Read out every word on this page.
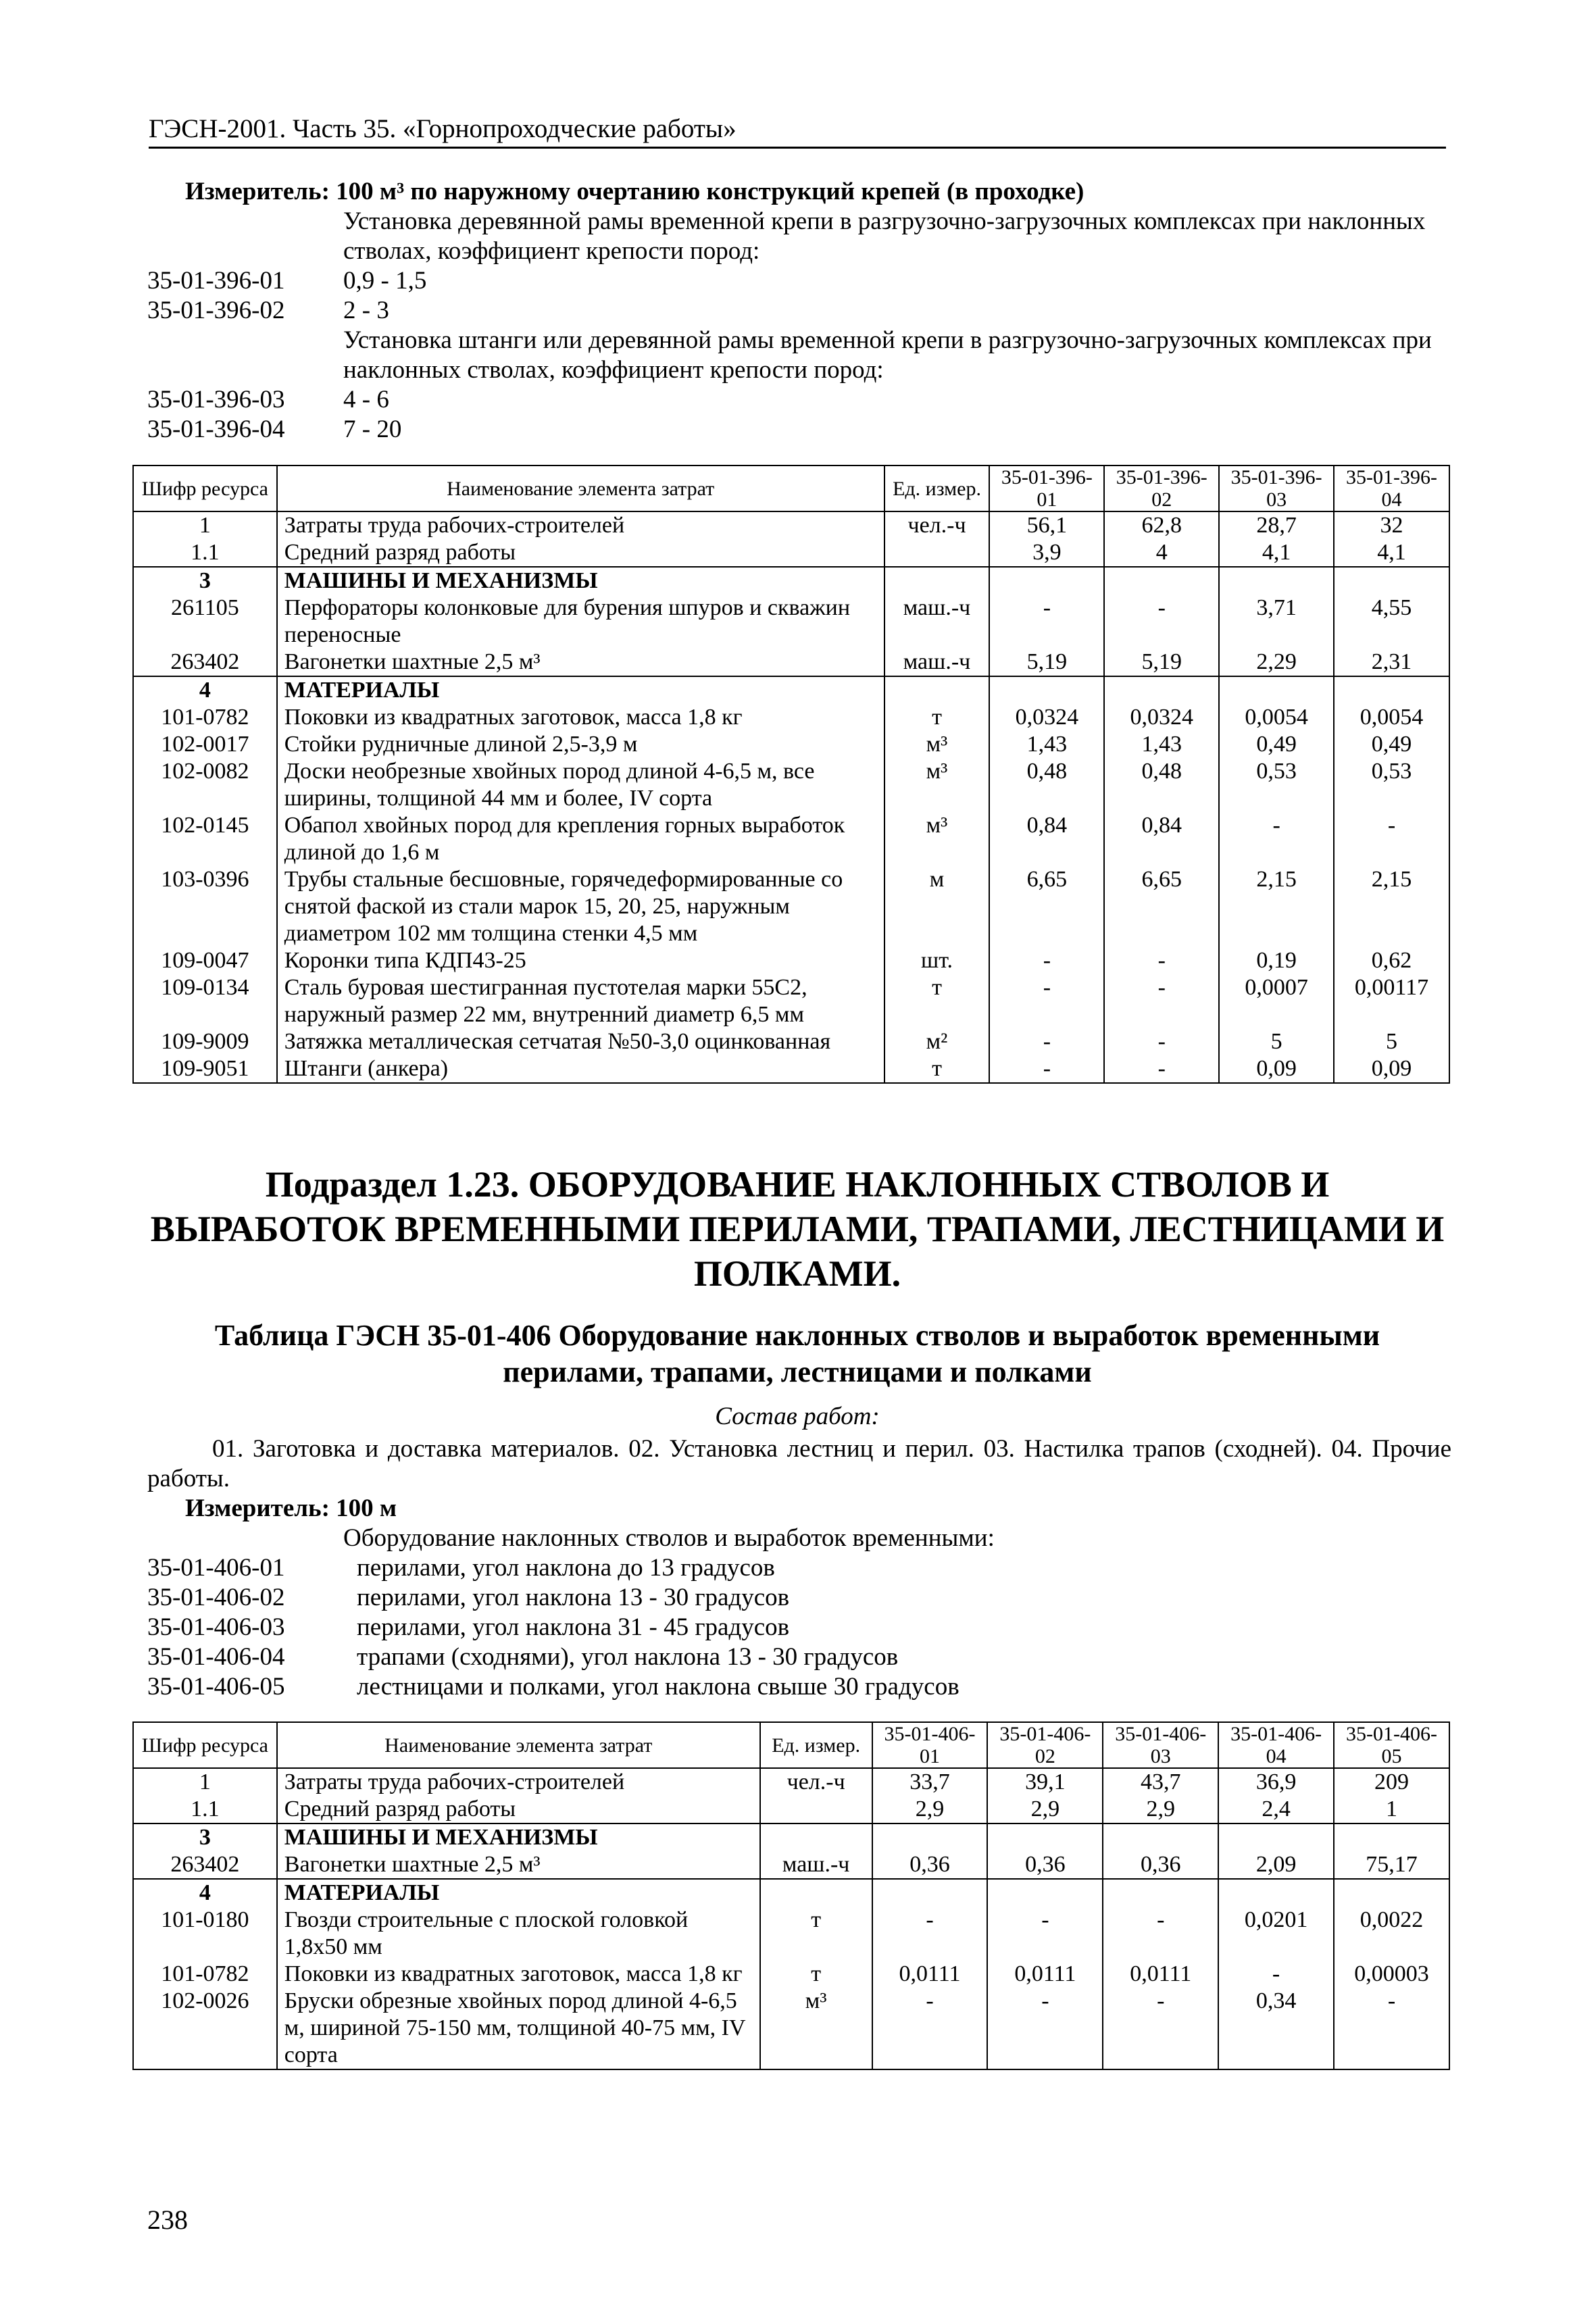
ГЭСН-2001. Часть 35. «Горнопроходческие работы»
Измеритель: 100 м³ по наружному очертанию конструкций крепей (в проходке)
Установка деревянной рамы временной крепи в разгрузочно-загрузочных комплексах при наклонных стволах, коэффициент крепости пород:
35-01-396-01	0,9 - 1,5
35-01-396-02	2 - 3
Установка штанги или деревянной рамы временной крепи в разгрузочно-загрузочных комплексах при наклонных стволах, коэффициент крепости пород:
35-01-396-03	4 - 6
35-01-396-04	7 - 20
Шифр ресурса	Наименование элемента затрат	Ед. измер.	35-01-396-01	35-01-396-02	35-01-396-03	35-01-396-04
1	Затраты труда рабочих-строителей	чел.-ч	56,1	62,8	28,7	32
1.1	Средний разряд работы		3,9	4	4,1	4,1
3	МАШИНЫ И МЕХАНИЗМЫ					
261105	Перфораторы колонковые для бурения шпуров и скважин переносные	маш.-ч	-	-	3,71	4,55
263402	Вагонетки шахтные 2,5 м³	маш.-ч	5,19	5,19	2,29	2,31
4	МАТЕРИАЛЫ					
101-0782	Поковки из квадратных заготовок, масса 1,8 кг	т	0,0324	0,0324	0,0054	0,0054
102-0017	Стойки рудничные длиной 2,5-3,9 м	м³	1,43	1,43	0,49	0,49
102-0082	Доски необрезные хвойных пород длиной 4-6,5 м, все ширины, толщиной 44 мм и более, IV сорта	м³	0,48	0,48	0,53	0,53
102-0145	Обапол хвойных пород для крепления горных выработок длиной до 1,6 м	м³	0,84	0,84	-	-
103-0396	Трубы стальные бесшовные, горячедеформированные со снятой фаской из стали марок 15, 20, 25, наружным диаметром 102 мм толщина стенки 4,5 мм	м	6,65	6,65	2,15	2,15
109-0047	Коронки типа КДП43-25	шт.	-	-	0,19	0,62
109-0134	Сталь буровая шестигранная пустотелая марки 55С2, наружный размер 22 мм, внутренний диаметр 6,5 мм	т	-	-	0,0007	0,00117
109-9009	Затяжка металлическая сетчатая №50-3,0 оцинкованная	м²	-	-	5	5
109-9051	Штанги (анкера)	т	-	-	0,09	0,09
Подраздел 1.23. ОБОРУДОВАНИЕ НАКЛОННЫХ СТВОЛОВ И ВЫРАБОТОК ВРЕМЕННЫМИ ПЕРИЛАМИ, ТРАПАМИ, ЛЕСТНИЦАМИ И ПОЛКАМИ.
Таблица ГЭСН 35-01-406 Оборудование наклонных стволов и выработок временными перилами, трапами, лестницами и полками
Состав работ:
01. Заготовка и доставка материалов. 02. Установка лестниц и перил. 03. Настилка трапов (сходней). 04. Прочие работы.
Измеритель: 100 м
Оборудование наклонных стволов и выработок временными:
35-01-406-01	перилами, угол наклона до 13 градусов
35-01-406-02	перилами, угол наклона 13 - 30 градусов
35-01-406-03	перилами, угол наклона 31 - 45 градусов
35-01-406-04	трапами (сходнями), угол наклона 13 - 30 градусов
35-01-406-05	лестницами и полками, угол наклона свыше 30 градусов
Шифр ресурса	Наименование элемента затрат	Ед. измер.	35-01-406-01	35-01-406-02	35-01-406-03	35-01-406-04	35-01-406-05
1	Затраты труда рабочих-строителей	чел.-ч	33,7	39,1	43,7	36,9	209
1.1	Средний разряд работы		2,9	2,9	2,9	2,4	1
3	МАШИНЫ И МЕХАНИЗМЫ						
263402	Вагонетки шахтные 2,5 м³	маш.-ч	0,36	0,36	0,36	2,09	75,17
4	МАТЕРИАЛЫ						
101-0180	Гвозди строительные с плоской головкой 1,8х50 мм	т	-	-	-	0,0201	0,0022
101-0782	Поковки из квадратных заготовок, масса 1,8 кг	т	0,0111	0,0111	0,0111	-	0,00003
102-0026	Бруски обрезные хвойных пород длиной 4-6,5 м, шириной 75-150 мм, толщиной 40-75 мм, IV сорта	м³	-	-	-	0,34	-
238
